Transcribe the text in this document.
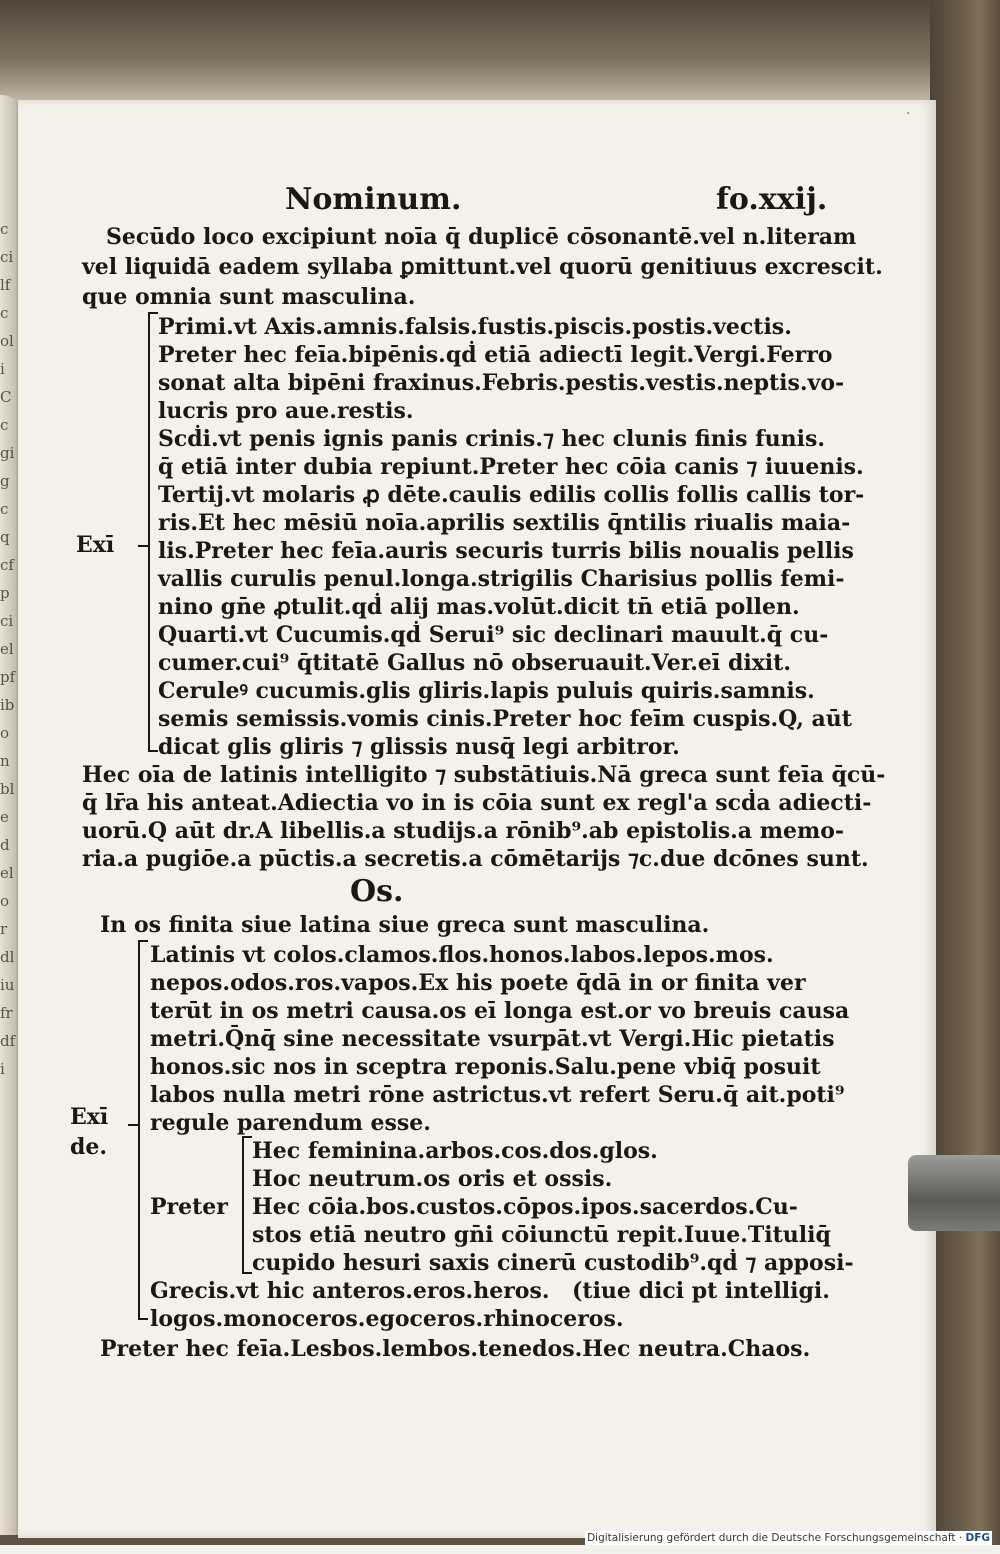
ccilfcoliCcgigcqcfpcielpfibonbledelordliufrdfi
·

Nominum.	fo.xxij.

Secūdo loco excipiunt noīa q̄ duplicē cōsonantē.vel n.literam

vel liquidā eadem syllaba ꝑmittunt.vel quorū genitiuus excrescit.

que omnia sunt masculina.

Exī

Primi.vt Axis.amnis.falsis.fustis.piscis.postis.vectis.

Preter hec feīa.bipēnis.qḋ etiā adiectī legit.Vergi.Ferro

sonat alta bipēni fraxinus.Febris.pestis.vestis.neptis.vo-

lucris pro aue.restis.

Scḋi.vt penis ignis panis crinis.⁊ hec clunis finis funis.

q̄ etiā inter dubia repiunt.Preter hec cōia canis ⁊ iuuenis.

Tertij.vt molaris ꝓ dēte.caulis edilis collis follis callis tor-

ris.Et hec mēsiū noīa.aprilis sextilis q̄ntilis riualis maia-

lis.Preter hec feīa.auris securis turris bilis noualis pellis

vallis curulis penul.longa.strigilis Charisius pollis femi-

nino gn̄e ꝓtulit.qḋ alij mas.volūt.dicit tn̄ etiā pollen.

Quarti.vt Cucumis.qḋ Serui⁹ sic declinari mauult.q̄ cu-

cumer.cui⁹ q̄titatē Gallus nō obseruauit.Ver.eī dixit.

Ceruleꝰ cucumis.glis gliris.lapis puluis quiris.samnis.

semis semissis.vomis cinis.Preter hoc feīm cuspis.Q, aūt

dicat glis gliris ⁊ glissis nusq̄ legi arbitror.

Hec oīa de latinis intelligito ⁊ substātiuis.Nā greca sunt feīa q̄cū-

q̄ lr̄a his anteat.Adiectia vo in is cōia sunt ex regl'a scḋa adiecti-

uorū.Q aūt dr.A libellis.a studijs.a rōnib⁹.ab epistolis.a memo-

ria.a pugiōe.a pūctis.a secretis.a cōmētarijs ⁊c.due dcōnes sunt.

Os.

In os finita siue latina siue greca sunt masculina.

Exī

de.

Latinis vt colos.clamos.flos.honos.labos.lepos.mos.

nepos.odos.ros.vapos.Ex his poete q̄dā in or finita ver

terūt in os metri causa.os eī longa est.or vo breuis causa

metri.Q̄nq̄ sine necessitate vsurpāt.vt Vergi.Hic pietatis

honos.sic nos in sceptra reponis.Salu.pene vbiq̄ posuit

labos nulla metri rōne astrictus.vt refert Seru.q̄ ait.poti⁹

regule parendum esse.

Preter

Hec feminina.arbos.cos.dos.glos.

Hoc neutrum.os oris et ossis.

Hec cōia.bos.custos.cōpos.ipos.sacerdos.Cu-

stos etiā neutro gn̄i cōiunctū repit.Iuue.Tituliq̄

cupido hesuri saxis cinerū custodib⁹.qḋ ⁊ apposi-

Grecis.vt hic anteros.eros.heros. (tiue dici pt intelligi.

logos.monoceros.egoceros.rhinoceros.

Preter hec feīa.Lesbos.lembos.tenedos.Hec neutra.Chaos.

Digitalisierung gefördert durch die Deutsche Forschungsgemeinschaft · DFG
